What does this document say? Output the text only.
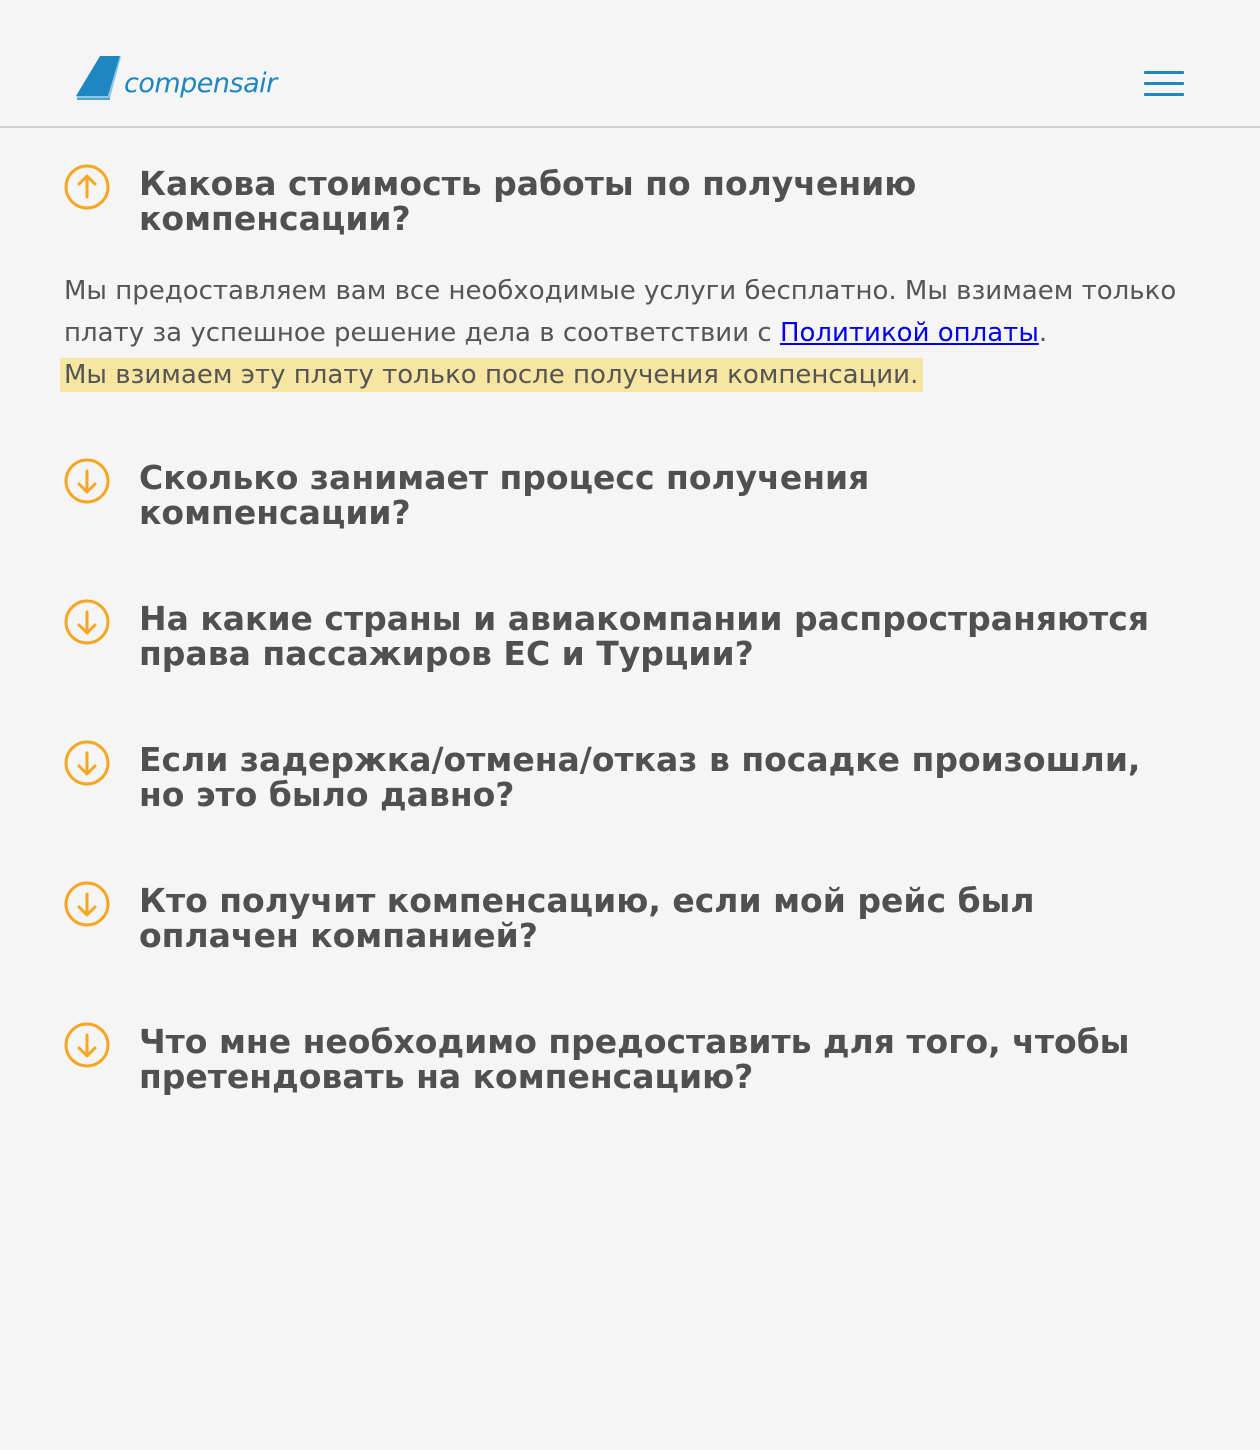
compensair
Какова стоимость работы по получению компенсации?
Мы предоставляем вам все необходимые услуги бесплатно. Мы взимаем только плату за успешное решение дела в соответствии с Политикой оплаты.
Мы взимаем эту плату только после получения компенсации.
Сколько занимает процесс получения компенсации?
На какие страны и авиакомпании распространяются права пассажиров ЕС и Турции?
Если задержка/отмена/отказ в посадке произошли, но это было давно?
Кто получит компенсацию, если мой рейс был оплачен компанией?
Что мне необходимо предоставить для того, чтобы претендовать на компенсацию?
